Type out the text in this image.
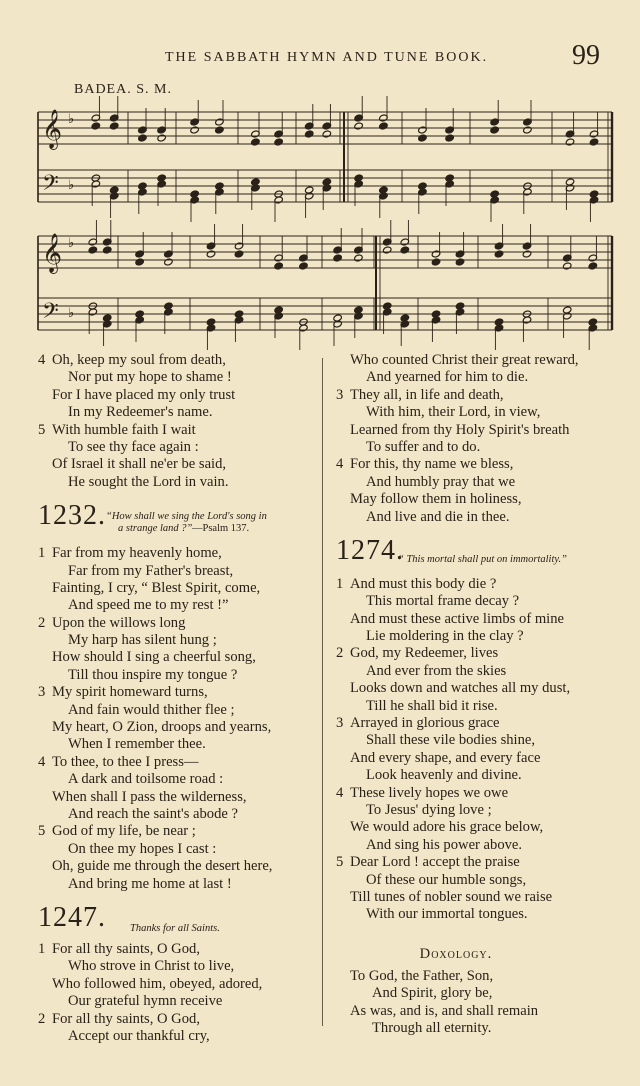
THE SABBATH HYMN AND TUNE BOOK.	99
BADEA. S. M.
𝄞
𝄢
♭
♭
𝄞
𝄢
♭
♭
4 Oh, keep my soul from death,
Nor put my hope to shame !
For I have placed my only trust
In my Redeemer's name.
5 With humble faith I wait
To see thy face again :
Of Israel it shall ne'er be said,
He sought the Lord in vain.
1232. “How shall we sing the Lord's song in
a strange land ?” —Psalm 137.
1 Far from my heavenly home,
Far from my Father's breast,
Fainting, I cry, “ Blest Spirit, come,
And speed me to my rest !”
2 Upon the willows long
My harp has silent hung ;
How should I sing a cheerful song,
Till thou inspire my tongue ?
3 My spirit homeward turns,
And fain would thither flee ;
My heart, O Zion, droops and yearns,
When I remember thee.
4 To thee, to thee I press—
A dark and toilsome road :
When shall I pass the wilderness,
And reach the saint's abode ?
5 God of my life, be near ;
On thee my hopes I cast :
Oh, guide me through the desert here,
And bring me home at last !
1247. Thanks for all Saints.
1 For all thy saints, O God,
Who strove in Christ to live,
Who followed him, obeyed, adored,
Our grateful hymn receive
2 For all thy saints, O God,
Accept our thankful cry,
Who counted Christ their great reward,
And yearned for him to die.
3 They all, in life and death,
With him, their Lord, in view,
Learned from thy Holy Spirit's breath
To suffer and to do.
4 For this, thy name we bless,
And humbly pray that we
May follow them in holiness,
And live and die in thee.
1274.
“ This mortal shall put on immortality.”
1 And must this body die ?
This mortal frame decay ?
And must these active limbs of mine
Lie moldering in the clay ?
2 God, my Redeemer, lives
And ever from the skies
Looks down and watches all my dust,
Till he shall bid it rise.
3 Arrayed in glorious grace
Shall these vile bodies shine,
And every shape, and every face
Look heavenly and divine.
4 These lively hopes we owe
To Jesus' dying love ;
We would adore his grace below,
And sing his power above.
5 Dear Lord ! accept the praise
Of these our humble songs,
Till tunes of nobler sound we raise
With our immortal tongues.
Doxology.
To God, the Father, Son,
And Spirit, glory be,
As was, and is, and shall remain
Through all eternity.
